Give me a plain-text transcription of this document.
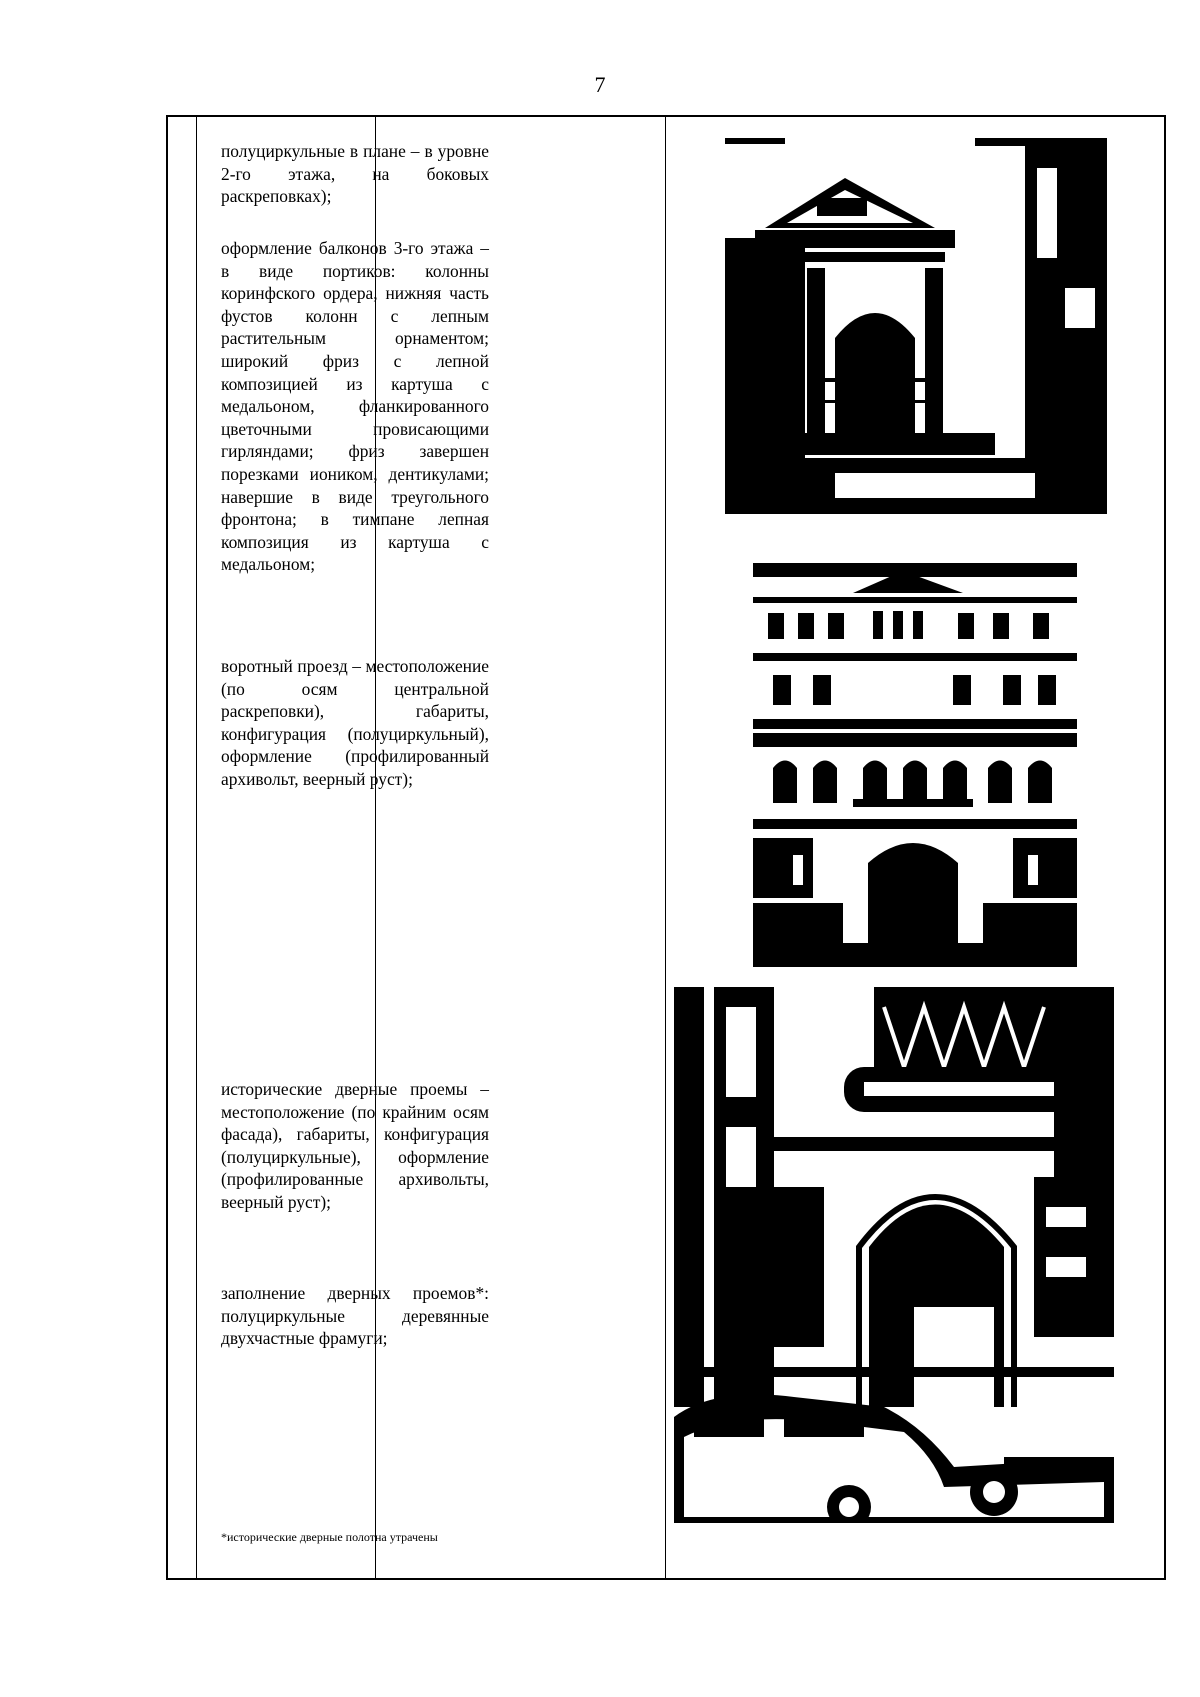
7

полуциркульные в плане – в уровне 2-го этажа, на боковых раскреповках);

оформление балконов 3-го этажа – в виде портиков: колонны коринфского ордера, нижняя часть фустов колонн с лепным растительным орнаментом; широкий фриз с лепной композицией из картуша с медальоном, фланкированного цветочными провисающими гирляндами; фриз завершен порезками иоником, дентикулами; навершие в виде треугольного фронтона; в тимпане лепная композиция из картуша с медальоном;

воротный проезд – местоположение (по осям центральной раскреповки), габариты, конфигурация (полуциркульный), оформление (профилированный архивольт, веерный руст);

исторические дверные проемы – местоположение (по крайним осям фасада), габариты, конфигурация (полуциркульные), оформление (профилированные архивольты, веерный руст);

заполнение дверных проемов*: полуциркульные деревянные двухчастные фрамуги;

*исторические дверные полотна утрачены
